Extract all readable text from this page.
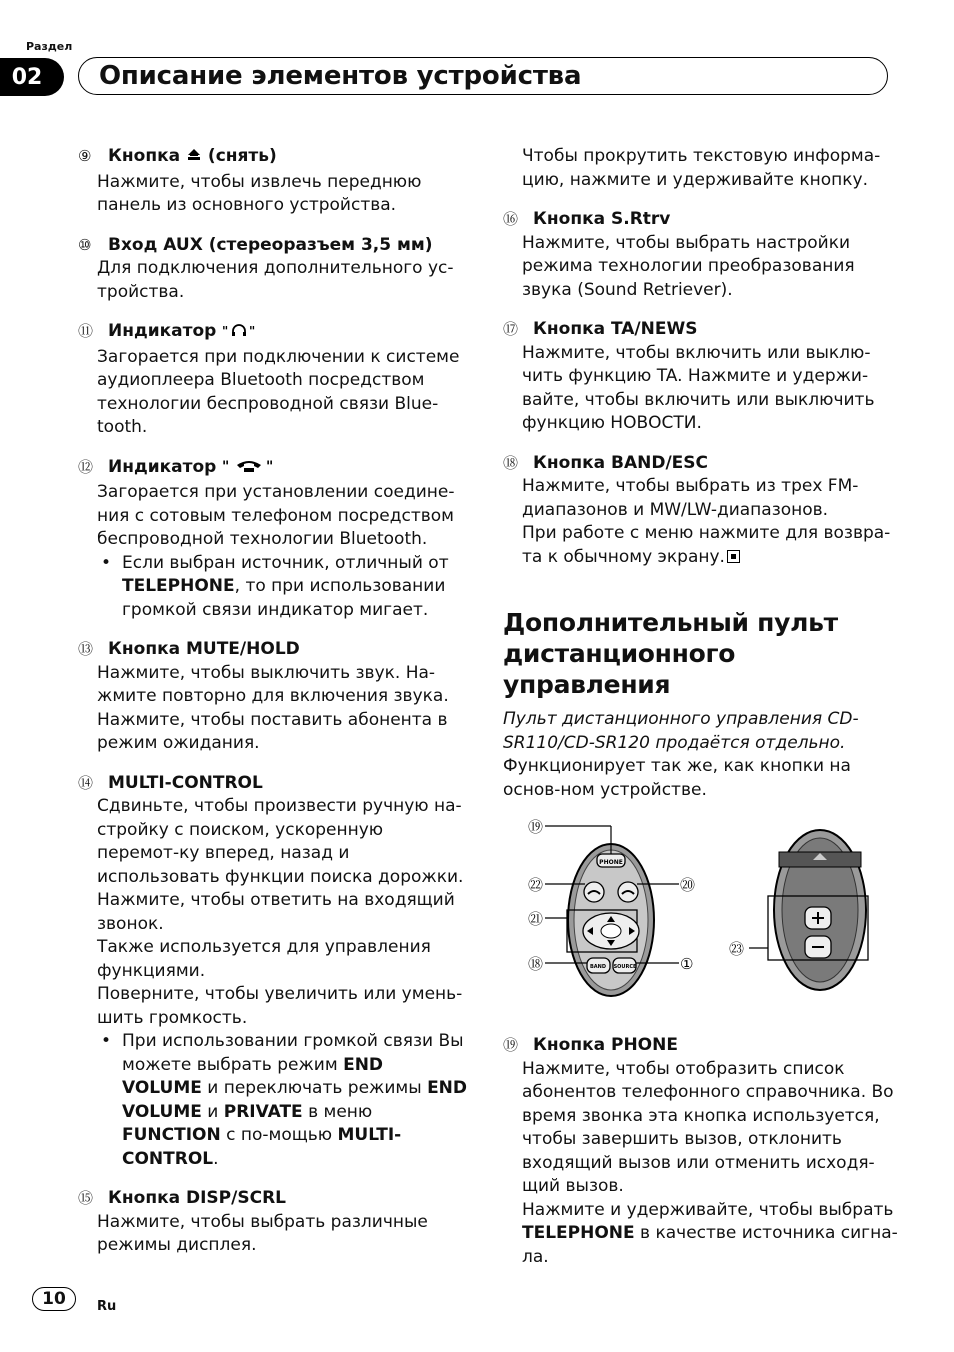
Раздел
02	Описание элементов устройства
⑨ Кнопка (снять)
Нажмите, чтобы извлечь переднюю панель из основного устройства.
⑩ Вход AUX (стереоразъем 3,5 мм)
Для подключения дополнительного ус-тройства.
⑪ Индикатор " "
Загорается при подключении к системе аудиоплеера Bluetooth посредством технологии беспроводной связи Blue-tooth.
⑫ Индикатор "	"
Загорается при установлении соедине-ния с сотовым телефоном посредством беспроводной технологии Bluetooth.
• Если выбран источник, отличный от TELEPHONE, то при использовании громкой связи индикатор мигает.
⑬ Кнопка MUTE/HOLD
Нажмите, чтобы выключить звук. На-жмите повторно для включения звука. Нажмите, чтобы поставить абонента в режим ожидания.
⑭ MULTI-CONTROL
Сдвиньте, чтобы произвести ручную на-стройку с поиском, ускоренную перемот-ку вперед, назад и использовать функции поиска дорожки.
Нажмите, чтобы ответить на входящий звонок.
Также используется для управления функциями.
Поверните, чтобы увеличить или умень-шить громкость.
• При использовании громкой связи Вы можете выбрать режим END VOLUME и переключать режимы END VOLUME и PRIVATE в меню FUNCTION с по-мощью MULTI-CONTROL.
⑮ Кнопка DISP/SCRL
Нажмите, чтобы выбрать различные режимы дисплея.
Чтобы прокрутить текстовую информа-цию, нажмите и удерживайте кнопку.
⑯ Кнопка S.Rtrv
Нажмите, чтобы выбрать настройки режима технологии преобразования звука (Sound Retriever).
⑰ Кнопка TA/NEWS
Нажмите, чтобы включить или выклю-чить функцию TA. Нажмите и удержи-вайте, чтобы включить или выключить функцию НОВОСТИ.
⑱ Кнопка BAND/ESC
Нажмите, чтобы выбрать из трех FM-диапазонов и MW/LW-диапазонов.
При работе с меню нажмите для возвра-та к обычному экрану.
Дополнительный пульт дистанционного управления
Пульт дистанционного управления CD-SR110/CD-SR120 продаётся отдельно.
Функционирует так же, как кнопки на основ-ном устройстве.
PHONE
BAND SOURCE
⑲
㉒	⑳
㉑
⑱	①
㉓
⑲ Кнопка PHONE
Нажмите, чтобы отобразить список абонентов телефонного справочника. Во время звонка эта кнопка используется, чтобы завершить вызов, отклонить входящий вызов или отменить исходя-щий вызов.
Нажмите и удерживайте, чтобы выбрать TELEPHONE в качестве источника сигна-ла.
10	Ru
